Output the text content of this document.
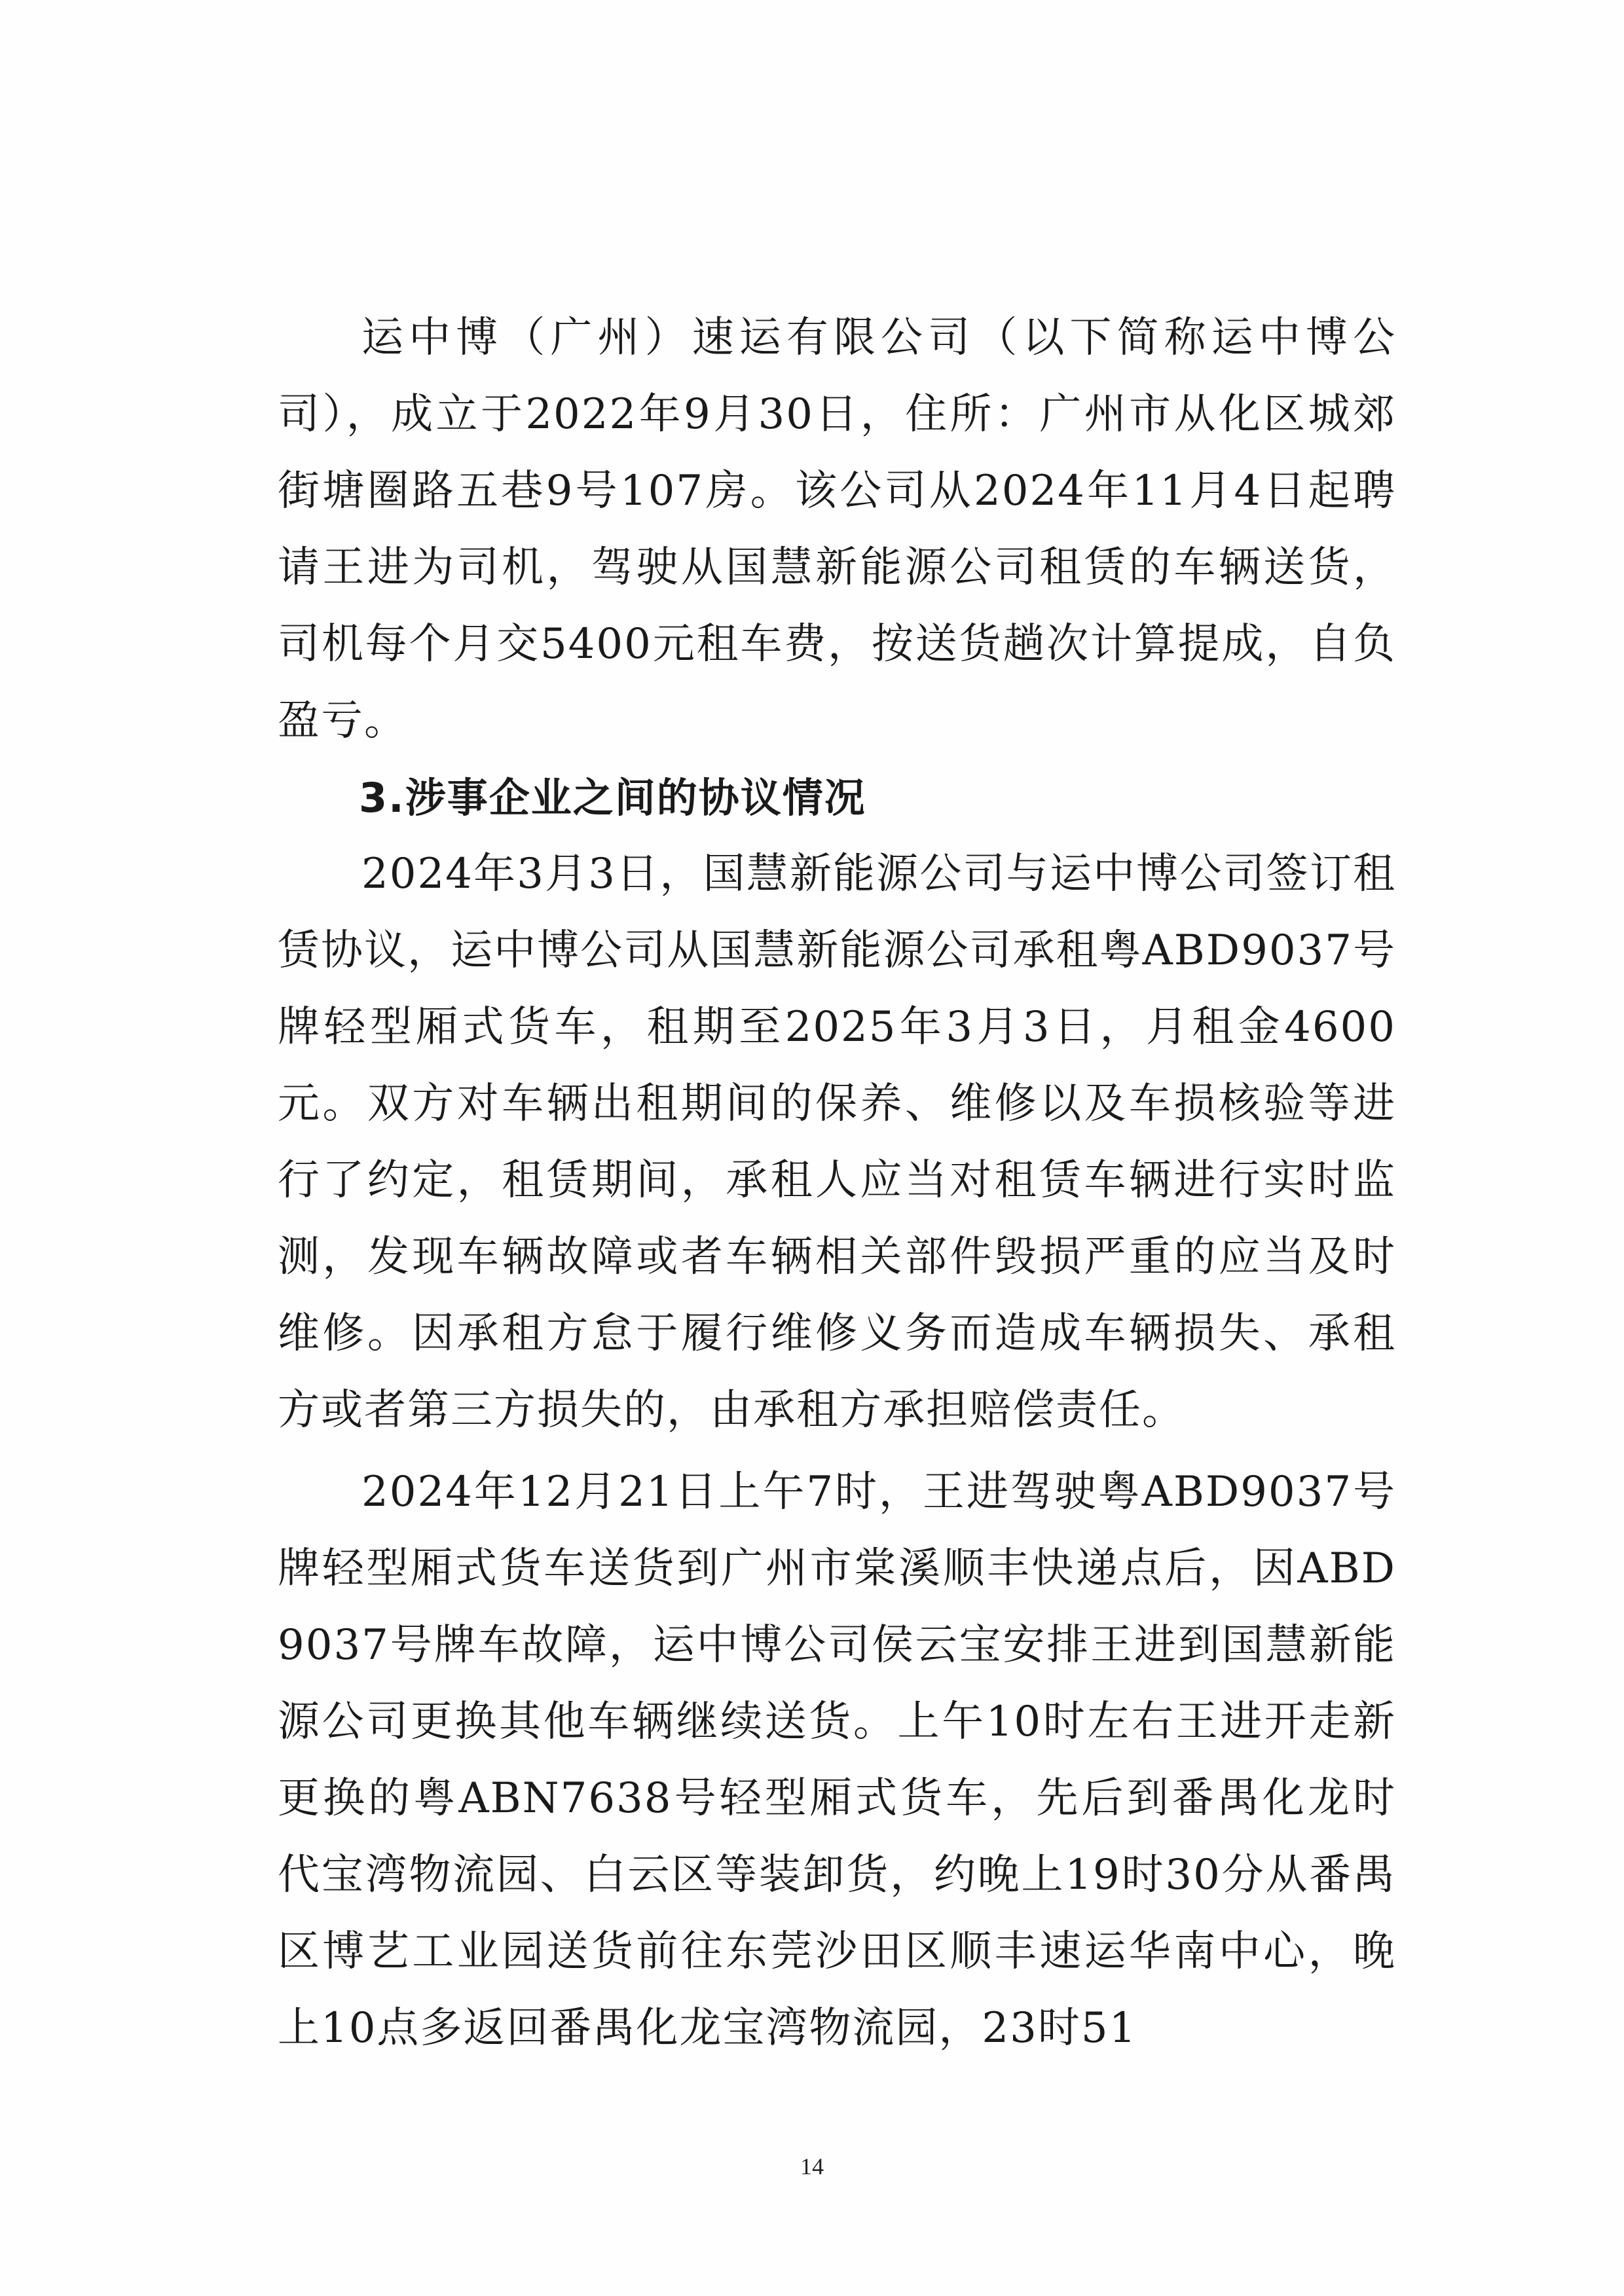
运中博（广州）速运有限公司（以下简称运中博公司），成立于2022年9月30日，住所：广州市从化区城郊街塘圈路五巷9号107房。该公司从2024年11月4日起聘请王进为司机，驾驶从国慧新能源公司租赁的车辆送货，司机每个月交5400元租车费，按送货趟次计算提成，自负盈亏。

3.涉事企业之间的协议情况

2024年3月3日，国慧新能源公司与运中博公司签订租赁协议，运中博公司从国慧新能源公司承租粤ABD9037号牌轻型厢式货车，租期至2025年3月3日，月租金4600元。双方对车辆出租期间的保养、维修以及车损核验等进行了约定，租赁期间，承租人应当对租赁车辆进行实时监测，发现车辆故障或者车辆相关部件毁损严重的应当及时维修。因承租方怠于履行维修义务而造成车辆损失、承租方或者第三方损失的，由承租方承担赔偿责任。

2024年12月21日上午7时，王进驾驶粤ABD9037号牌轻型厢式货车送货到广州市棠溪顺丰快递点后，因ABD9037号牌车故障，运中博公司侯云宝安排王进到国慧新能源公司更换其他车辆继续送货。上午10时左右王进开走新更换的粤ABN7638号轻型厢式货车，先后到番禺化龙时代宝湾物流园、白云区等装卸货，约晚上19时30分从番禺区博艺工业园送货前往东莞沙田区顺丰速运华南中心，晚上10点多返回番禺化龙宝湾物流园，23时51

14
